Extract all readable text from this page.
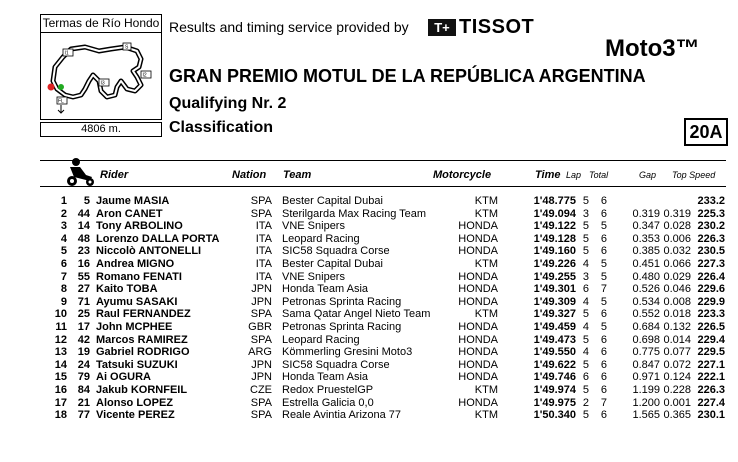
Termas de Río Hondo
I1
S
I2
I3
FL
4806 m.
Results and timing service provided by	T+ TISSOT
Moto3™
GRAN PREMIO MOTUL DE LA REPÚBLICA ARGENTINA
Qualifying Nr. 2
Classification	20A
Rider	Nation Team	Motorcycle	Time Lap Total	Gap Top Speed
1	5 Jaume MASIA	SPA Bester Capital Dubai	KTM	1'48.775 5	6	233.2
2 44 Aron CANET	SPA Sterilgarda Max Racing Team	KTM	1'49.094 3	6	0.319 0.319 225.3
3 14 Tony ARBOLINO	ITA VNE Snipers	HONDA	1'49.122 5	5	0.347 0.028 230.2
4 48 Lorenzo DALLA PORTA	ITA Leopard Racing	HONDA	1'49.128 5	6	0.353 0.006 226.3
5 23 Niccolò ANTONELLI	ITA SIC58 Squadra Corse	HONDA	1'49.160 5	6	0.385 0.032 230.5
6 16 Andrea MIGNO	ITA Bester Capital Dubai	KTM	1'49.226 4	5	0.451 0.066 227.3
7 55 Romano FENATI	ITA VNE Snipers	HONDA	1'49.255 3	5	0.480 0.029 226.4
8 27 Kaito TOBA	JPN Honda Team Asia	HONDA	1'49.301 6	7	0.526 0.046 229.6
9 71 Ayumu SASAKI	JPN Petronas Sprinta Racing	HONDA	1'49.309 4	5	0.534 0.008 229.9
10 25 Raul FERNANDEZ	SPA Sama Qatar Angel Nieto Team	KTM	1'49.327 5	6	0.552 0.018 223.3
11 17 John MCPHEE	GBR Petronas Sprinta Racing	HONDA	1'49.459 4	5	0.684 0.132 226.5
12 42 Marcos RAMIREZ	SPA Leopard Racing	HONDA	1'49.473 5	6	0.698 0.014 229.4
13 19 Gabriel RODRIGO	ARG Kömmerling Gresini Moto3	HONDA	1'49.550 4	6	0.775 0.077 229.5
14 24 Tatsuki SUZUKI	JPN SIC58 Squadra Corse	HONDA	1'49.622 5	6	0.847 0.072 227.1
15 79 Ai OGURA	JPN Honda Team Asia	HONDA	1'49.746 6	6	0.971 0.124 222.1
16 84 Jakub KORNFEIL	CZE Redox PruestelGP	KTM	1'49.974 5	6	1.199 0.228 226.3
17 21 Alonso LOPEZ	SPA Estrella Galicia 0,0	HONDA	1'49.975 2	7	1.200 0.001 227.4
18 77 Vicente PEREZ	SPA Reale Avintia Arizona 77	KTM	1'50.340 5	6	1.565 0.365 230.1
